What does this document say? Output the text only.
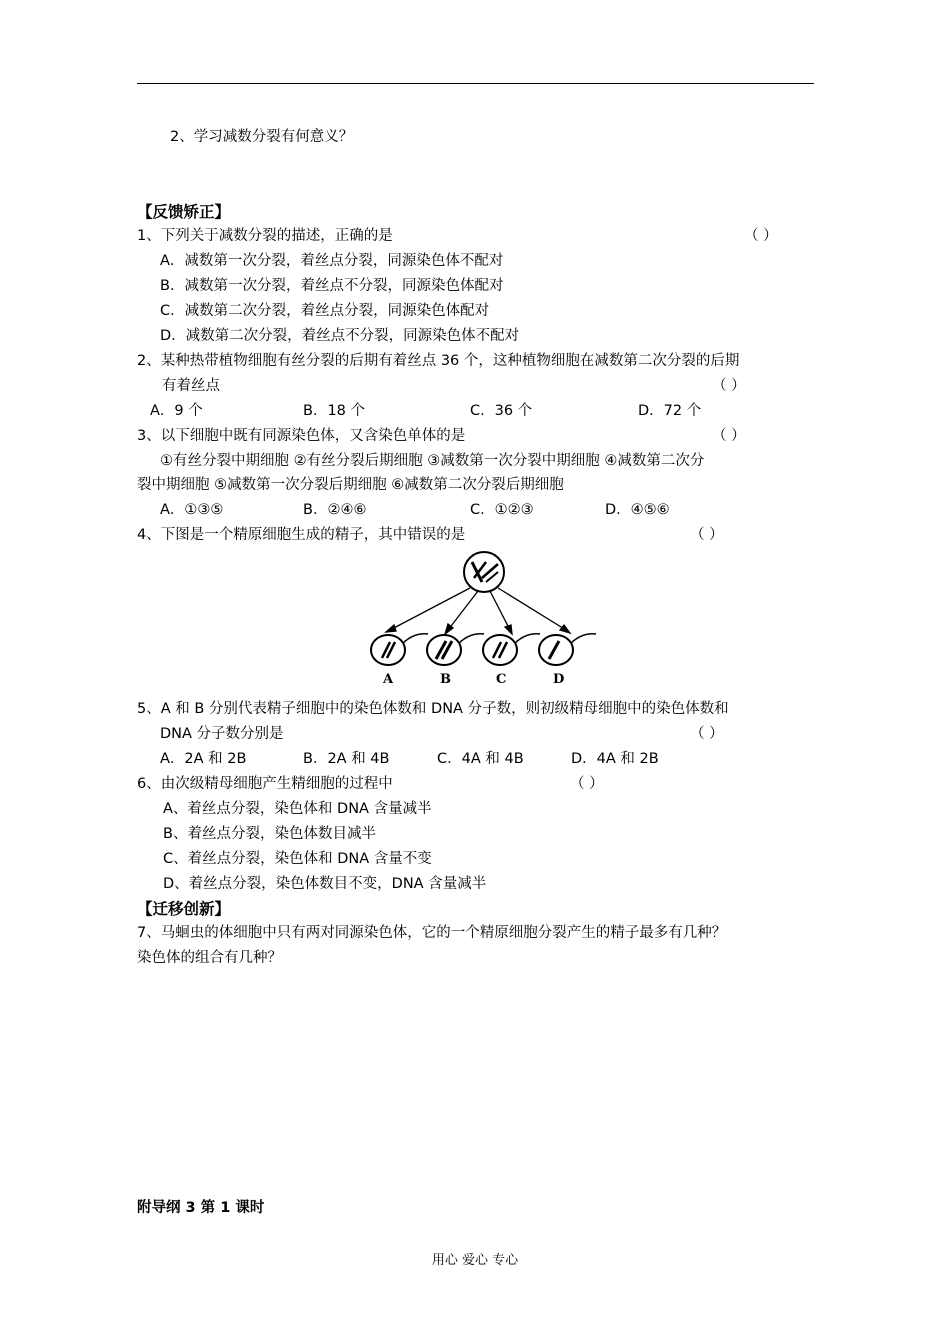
2、学习减数分裂有何意义？
【反馈矫正】
1、下列关于减数分裂的描述，正确的是	（ ）
A．减数第一次分裂，着丝点分裂，同源染色体不配对
B．减数第一次分裂，着丝点不分裂，同源染色体配对
C．减数第二次分裂，着丝点分裂，同源染色体配对
D．减数第二次分裂，着丝点不分裂，同源染色体不配对
2、某种热带植物细胞有丝分裂的后期有着丝点 36 个，这种植物细胞在减数第二次分裂的后期
有着丝点	（ ）
A．9 个	B．18 个	C．36 个	D．72 个
3、以下细胞中既有同源染色体，又含染色单体的是	（ ）
①有丝分裂中期细胞 ②有丝分裂后期细胞 ③减数第一次分裂中期细胞 ④减数第二次分
裂中期细胞 ⑤减数第一次分裂后期细胞 ⑥减数第二次分裂后期细胞
A．①③⑤	B．②④⑥	C．①②③	D．④⑤⑥
4、下图是一个精原细胞生成的精子，其中错误的是	（ ）
A	B	C	D
5、A 和 B 分别代表精子细胞中的染色体数和 DNA 分子数，则初级精母细胞中的染色体数和
DNA 分子数分别是	（ ）
A．2A 和 2B	B．2A 和 4B	C．4A 和 4B	D．4A 和 2B
6、由次级精母细胞产生精细胞的过程中	（ ）
A、着丝点分裂，染色体和 DNA 含量减半
B、着丝点分裂，染色体数目减半
C、着丝点分裂，染色体和 DNA 含量不变
D、着丝点分裂，染色体数目不变，DNA 含量减半
【迁移创新】
7、马蛔虫的体细胞中只有两对同源染色体，它的一个精原细胞分裂产生的精子最多有几种？
染色体的组合有几种？
附导纲 3 第 1 课时
用心 爱心 专心
